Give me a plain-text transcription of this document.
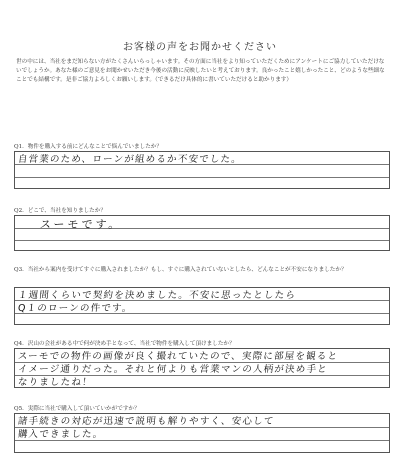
お客様の声をお聞かせください
世の中には、当社をまだ知らない方がたくさんいらっしゃいます。その方面に当社をより知っていただくためにアンケートにご協力していただけないでしょうか。あなた様のご意見をお聞かせいただき今後の活動に反映したいと考えております。良かったこと嬉しかったこと、どのような些細なことでも結構です。是非ご協力よろしくお願いします。（できるだけ具体的に書いていただけると助かります）
Q1．物件を購入する前にどんなことで悩んでいましたか？
自営業のため、ローンが組めるか不安でした。
Q2．どこで、当社を知りましたか？
スーモです。
Q3．当社から案内を受けてすぐに購入されましたか？もし、すぐに購入されていないとしたら、どんなことが不安になりましたか？
１週間くらいで契約を決めました。不安に思ったとしたら
Q１のローンの件です。
Q4．沢山の会社がある中で何が決め手となって、当社で物件を購入して頂けましたか？
スーモでの物件の画像が良く撮れていたので、実際に部屋を観ると
イメージ通りだった。それと何よりも営業マンの人柄が決め手と
なりましたね！
Q5．実際に当社で購入して頂いていかがですか？
諸手続きの対応が迅速で説明も解りやすく、安心して
購入できました。
